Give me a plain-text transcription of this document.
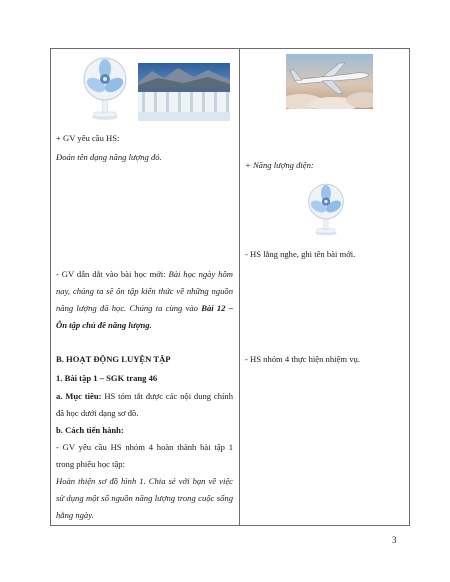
+ GV yêu cầu HS:
Đoán tên dạng năng lượng đó.
- GV dẫn dắt vào bài học mới: Bài học ngày hôm nay, chúng ta sẽ ôn tập kiến thức về những nguồn năng lượng đã học. Chúng ta cùng vào Bài 12 – Ôn tập chủ đề năng lượng.
B. HOẠT ĐỘNG LUYỆN TẬP
1. Bài tập 1 – SGK trang 46
a. Mục tiêu: HS tóm tắt được các nội dung chính đã học dưới dạng sơ đồ.
b. Cách tiến hành:
- GV yêu cầu HS nhóm 4 hoàn thành bài tập 1 trong phiếu học tập:
Hoàn thiện sơ đồ hình 1. Chia sẻ với bạn về việc sử dụng một số nguồn năng lượng trong cuộc sống hằng ngày.
+ Năng lượng điện:
- HS lắng nghe, ghi tên bài mới.
- HS nhóm 4 thực hiện nhiệm vụ.
3
